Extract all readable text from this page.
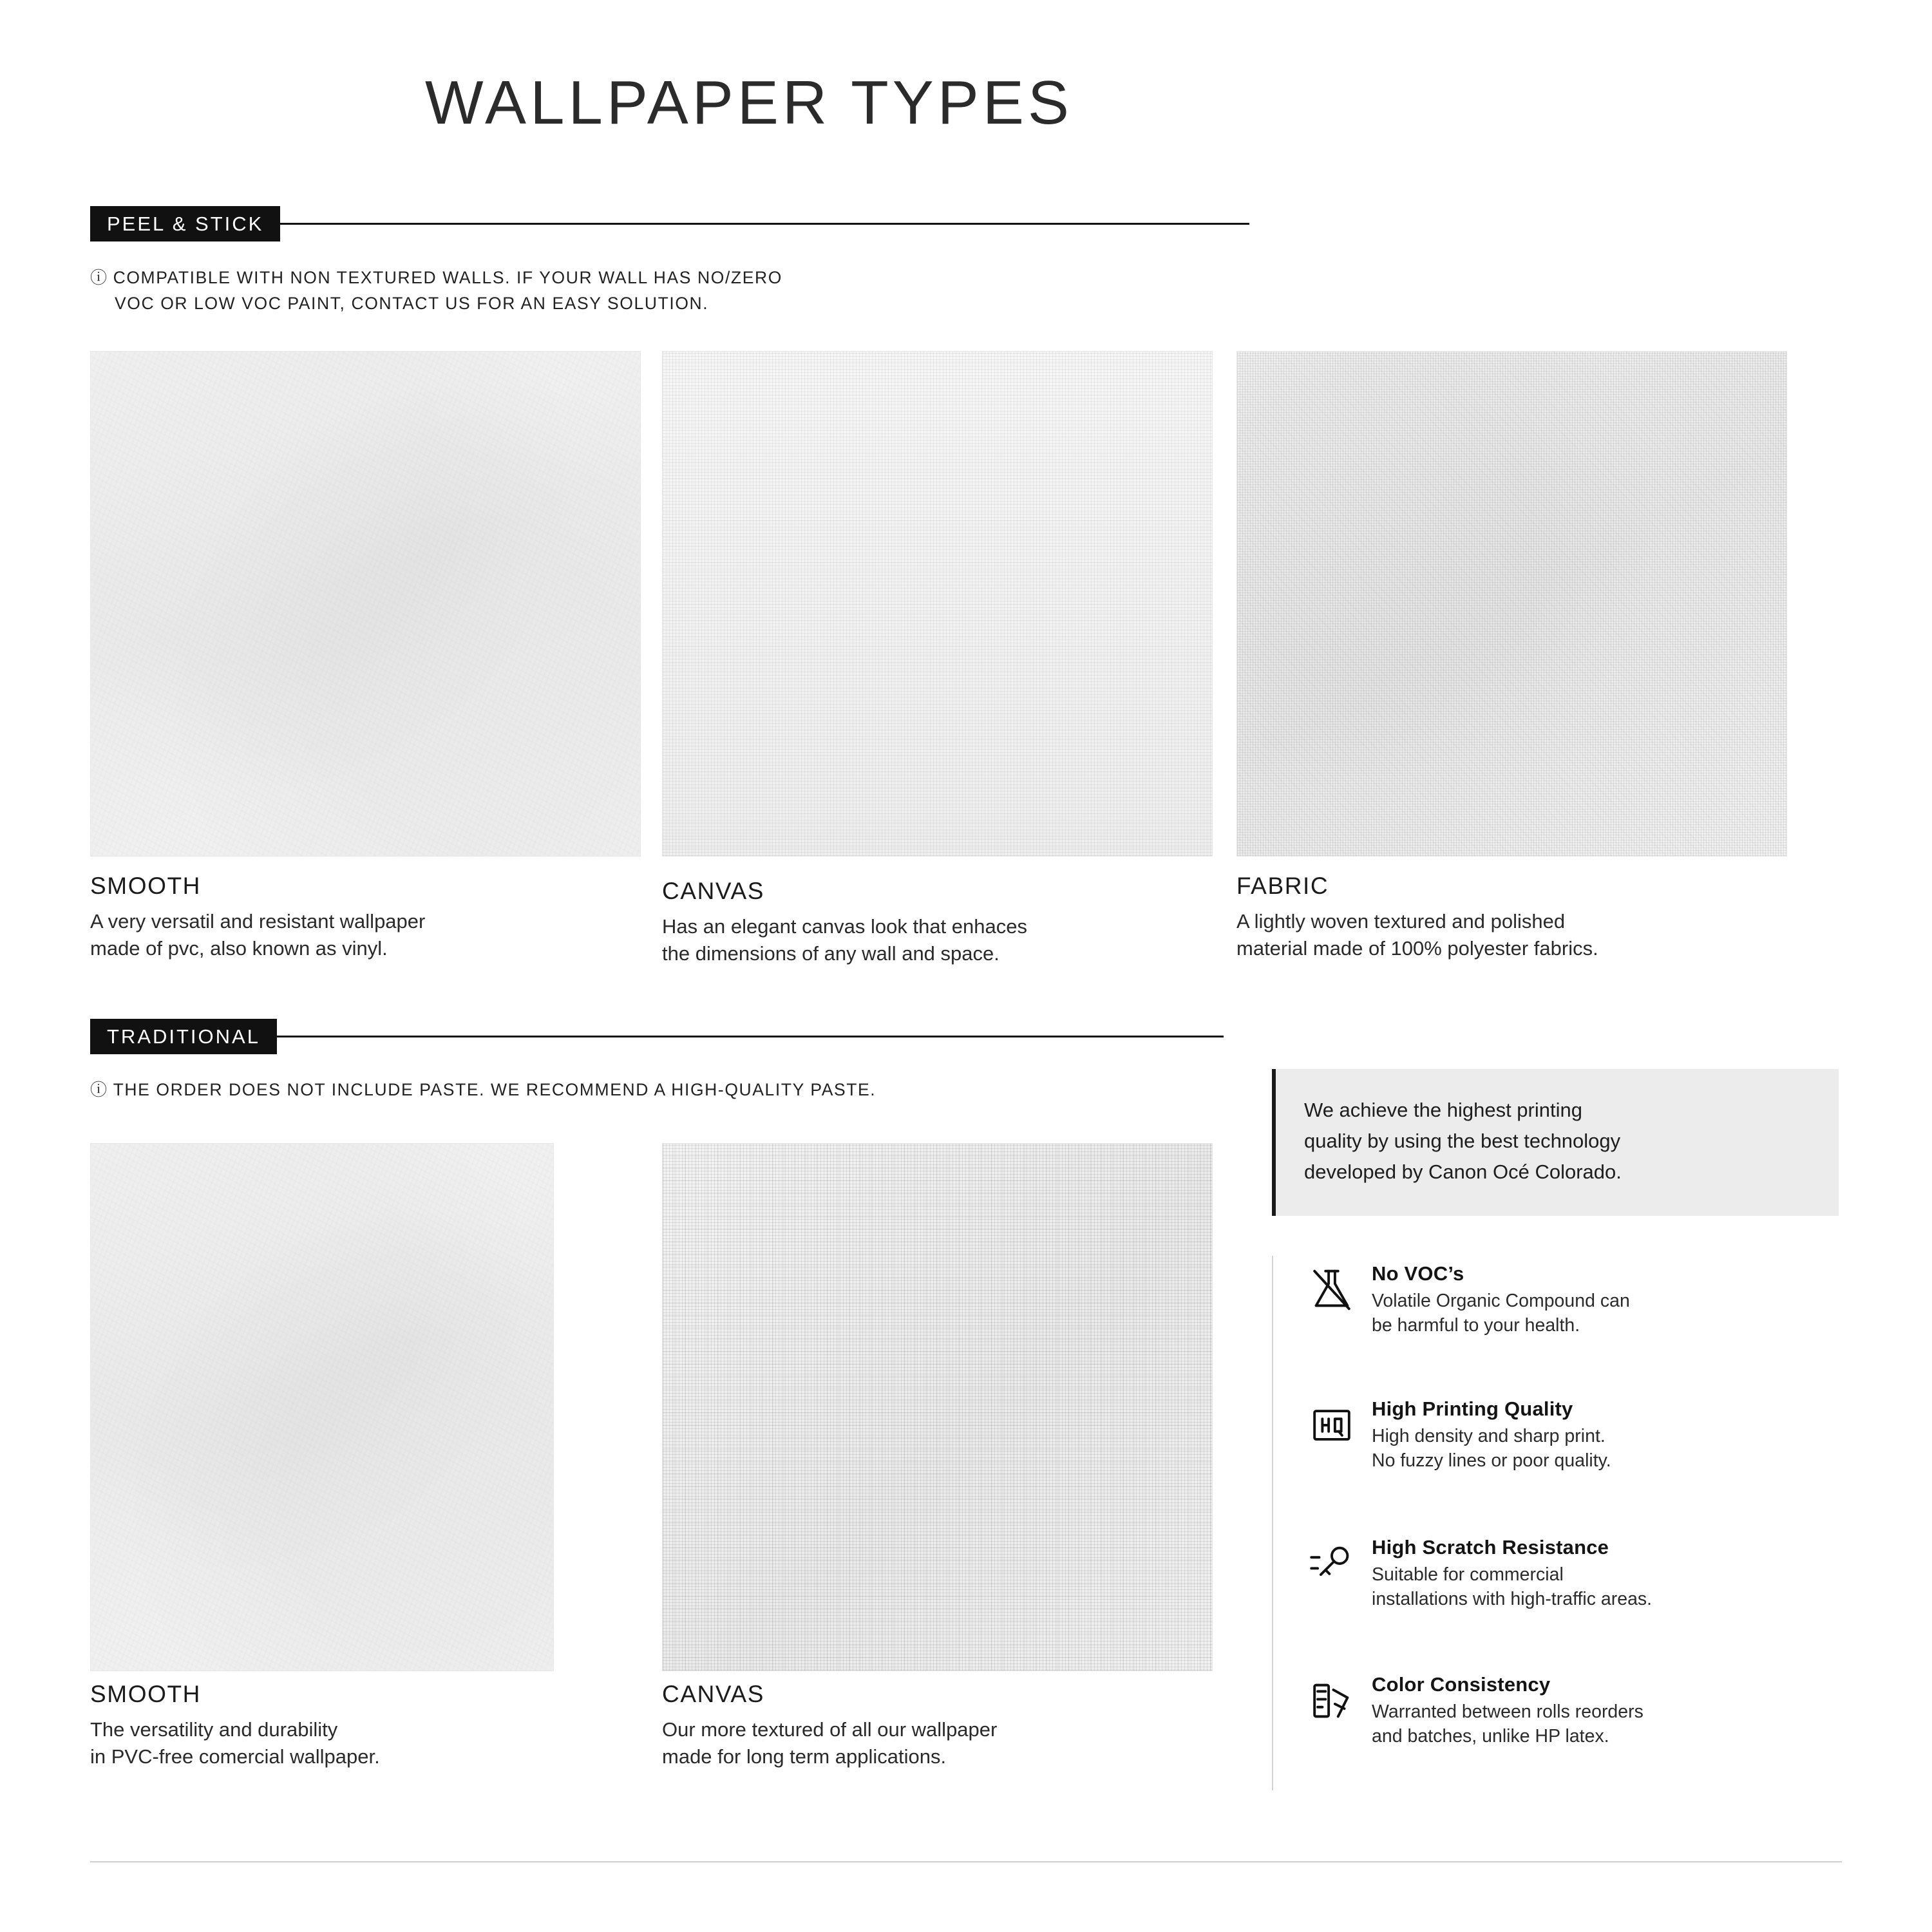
WALLPAPER TYPES
PEEL & STICK
ⓘ COMPATIBLE WITH NON TEXTURED WALLS. IF YOUR WALL HAS NO/ZERO
VOC OR LOW VOC PAINT, CONTACT US FOR AN EASY SOLUTION.
SMOOTH
A very versatil and resistant wallpaper
made of pvc, also known as vinyl.
CANVAS
Has an elegant canvas look that enhaces
the dimensions of any wall and space.
FABRIC
A lightly woven textured and polished
material made of 100% polyester fabrics.
TRADITIONAL
ⓘ THE ORDER DOES NOT INCLUDE PASTE. WE RECOMMEND A HIGH-QUALITY PASTE.
SMOOTH
The versatility and durability
in PVC-free comercial wallpaper.
CANVAS
Our more textured of all our wallpaper
made for long term applications.

We achieve the highest printing

quality by using the best technology

developed by Canon Océ Colorado.

No VOC’s

Volatile Organic Compound can

be harmful to your health.

High Printing Quality

High density and sharp print.

No fuzzy lines or poor quality.

High Scratch Resistance

Suitable for commercial

installations with high-traffic areas.

Color Consistency

Warranted between rolls reorders

and batches, unlike HP latex.
